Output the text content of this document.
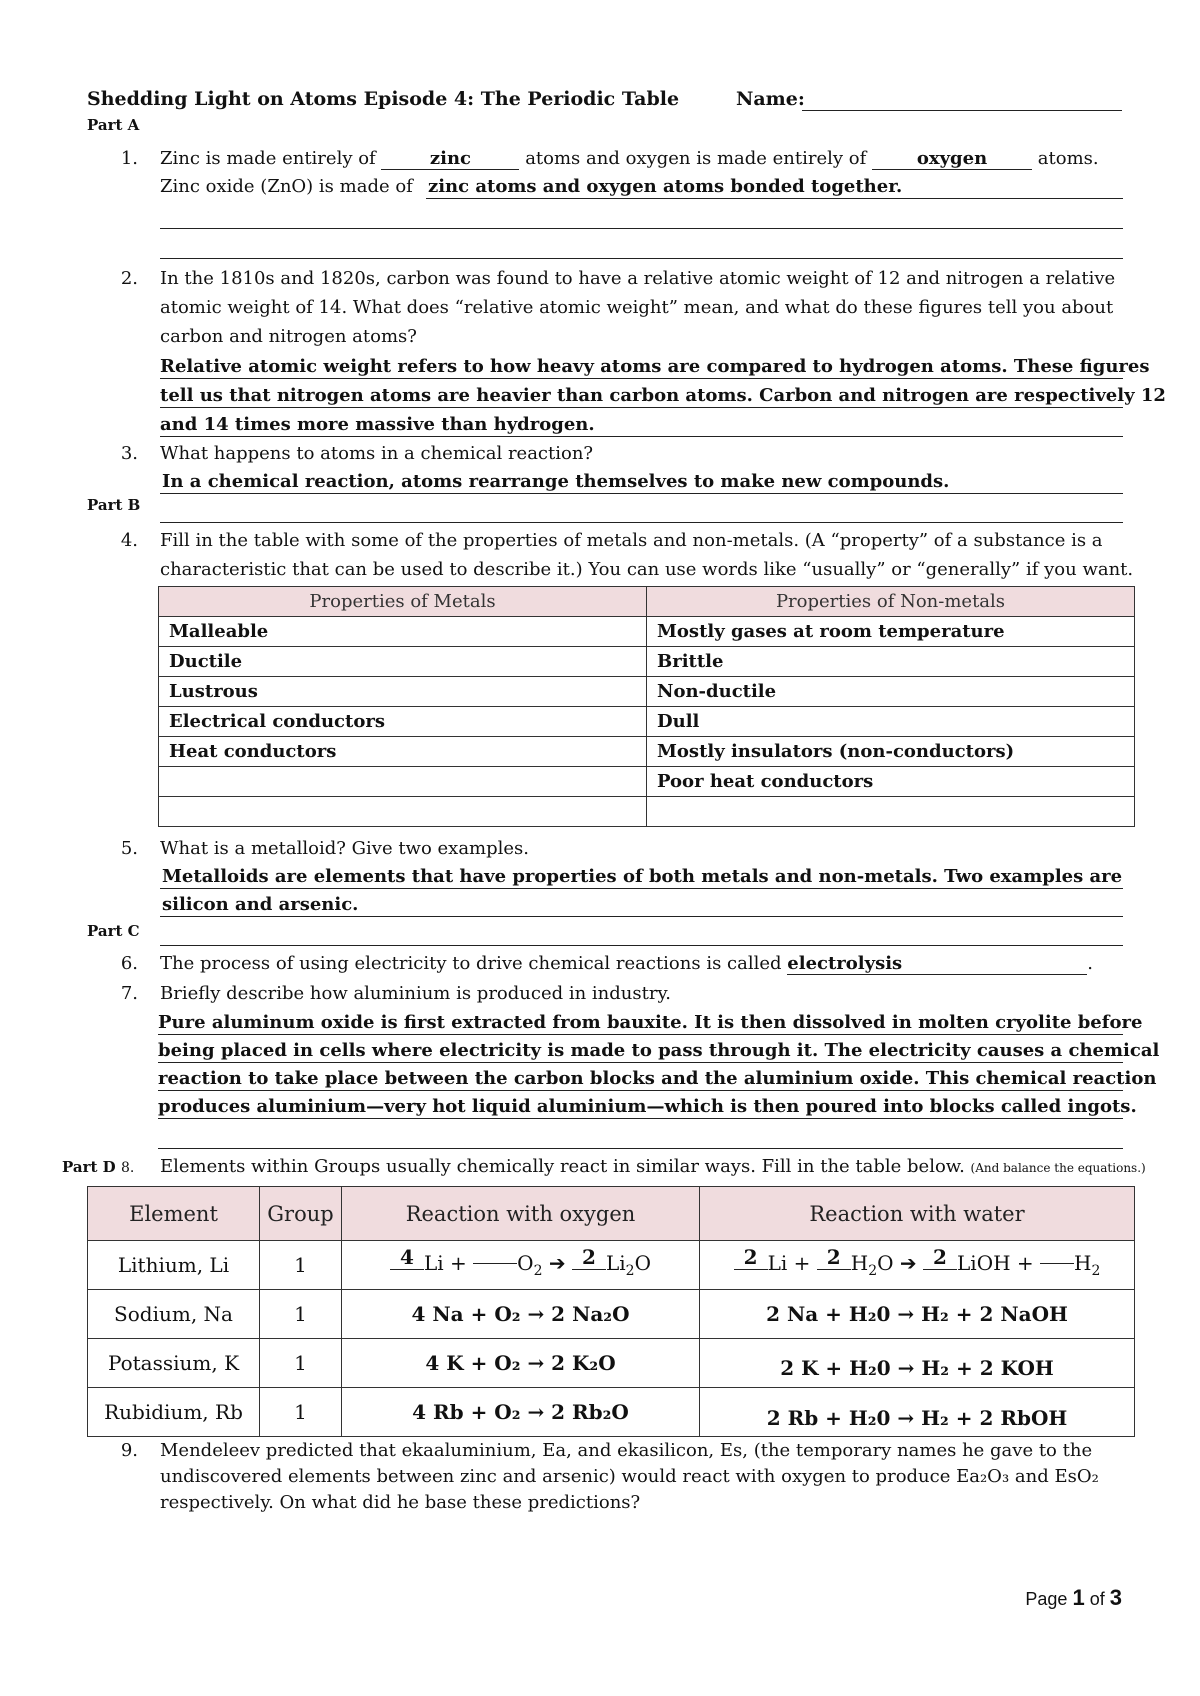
Shedding Light on Atoms Episode 4: The Periodic Table	Name:
Part A
1. Zinc is made entirely of	zinc	atoms and oxygen is made entirely of	oxygen	atoms.
Zinc oxide (ZnO) is made of zinc atoms and oxygen atoms bonded together.
2. In the 1810s and 1820s, carbon was found to have a relative atomic weight of 12 and nitrogen a relative
atomic weight of 14. What does “relative atomic weight” mean, and what do these figures tell you about
carbon and nitrogen atoms?
Relative atomic weight refers to how heavy atoms are compared to hydrogen atoms. These figures
tell us that nitrogen atoms are heavier than carbon atoms. Carbon and nitrogen are respectively 12
and 14 times more massive than hydrogen.
3. What happens to atoms in a chemical reaction?
In a chemical reaction, atoms rearrange themselves to make new compounds.
Part B
4. Fill in the table with some of the properties of metals and non-metals. (A “property” of a substance is a
characteristic that can be used to describe it.) You can use words like “usually” or “generally” if you want.
Properties of Metals	Properties of Non-metals
Malleable	Mostly gases at room temperature
Ductile	Brittle
Lustrous	Non-ductile
Electrical conductors	Dull
Heat conductors	Mostly insulators (non-conductors)
	Poor heat conductors

5. What is a metalloid? Give two examples.
Metalloids are elements that have properties of both metals and non-metals. Two examples are
silicon and arsenic.
Part C
6. The process of using electricity to drive chemical reactions is called electrolysis	.
7. Briefly describe how aluminium is produced in industry.
Pure aluminum oxide is first extracted from bauxite. It is then dissolved in molten cryolite before
being placed in cells where electricity is made to pass through it. The electricity causes a chemical
reaction to take place between the carbon blocks and the aluminium oxide. This chemical reaction
produces aluminium—very hot liquid aluminium—which is then poured into blocks called ingots.
Part D 8. Elements within Groups usually chemically react in similar ways. Fill in the table below. (And balance the equations.)
Element	Group	Reaction with oxygen	Reaction with water
Lithium, Li	1	4 $Li + O_2$ ➔ 2 $Li_2O$	2 Li + 2 $H_2O$ ➔ 2 LiOH + $H_2$
Sodium, Na	1	4 Na + O₂ → 2 Na₂O	2 Na + H₂0 → H₂ + 2 NaOH
Potassium, K	1	4 K + O₂ → 2 K₂O	2 K + H₂0 → H₂ + 2 KOH
Rubidium, Rb	1	4 Rb + O₂ → 2 Rb₂O	2 Rb + H₂0 → H₂ + 2 RbOH
9. Mendeleev predicted that ekaaluminium, Ea, and ekasilicon, Es, (the temporary names he gave to the
undiscovered elements between zinc and arsenic) would react with oxygen to produce Ea₂O₃ and EsO₂
respectively. On what did he base these predictions?
Page 1 of 3
